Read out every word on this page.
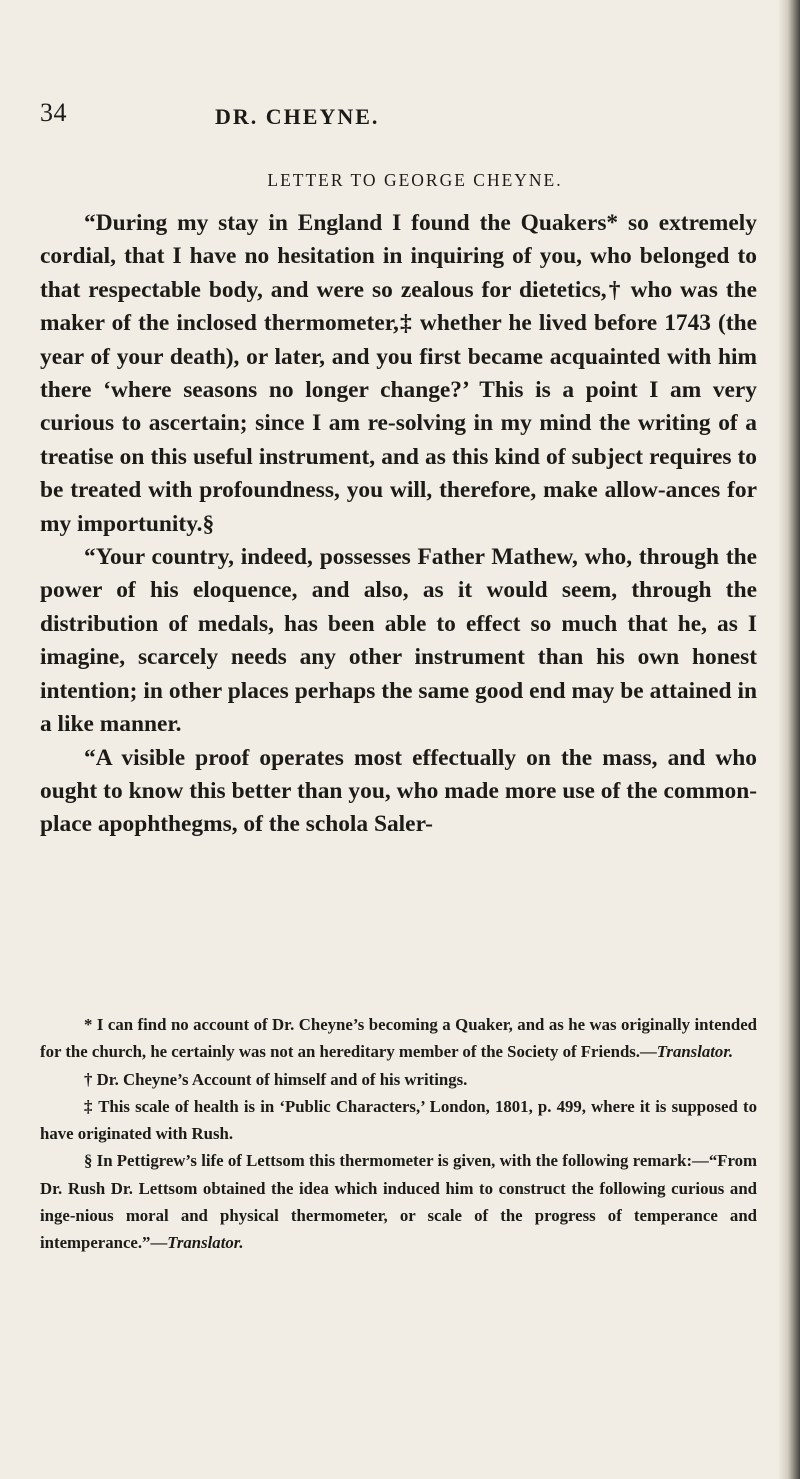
34	DR. CHEYNE.
LETTER TO GEORGE CHEYNE.

“During my stay in England I found the Quakers* so extremely cordial, that I have no hesitation in inquiring of you, who belonged to that respectable body, and were so zealous for dietetics,† who was the maker of the inclosed thermometer,‡ whether he lived before 1743 (the year of your death), or later, and you first became acquainted with him there ‘where seasons no longer change?’ This is a point I am very curious to ascertain; since I am re-solving in my mind the writing of a treatise on this useful instrument, and as this kind of subject requires to be treated with profoundness, you will, therefore, make allow-ances for my importunity.§

“Your country, indeed, possesses Father Mathew, who, through the power of his eloquence, and also, as it would seem, through the distribution of medals, has been able to effect so much that he, as I imagine, scarcely needs any other instrument than his own honest intention; in other places perhaps the same good end may be attained in a like manner.

“A visible proof operates most effectually on the mass, and who ought to know this better than you, who made more use of the common-place apophthegms, of the schola Saler-

* I can find no account of Dr. Cheyne’s becoming a Quaker, and as he was originally intended for the church, he certainly was not an hereditary member of the Society of Friends.—Translator.

† Dr. Cheyne’s Account of himself and of his writings.

‡ This scale of health is in ‘Public Characters,’ London, 1801, p. 499, where it is supposed to have originated with Rush.

§ In Pettigrew’s life of Lettsom this thermometer is given, with the following remark:—“From Dr. Rush Dr. Lettsom obtained the idea which induced him to construct the following curious and inge-nious moral and physical thermometer, or scale of the progress of temperance and intemperance.”—Translator.
